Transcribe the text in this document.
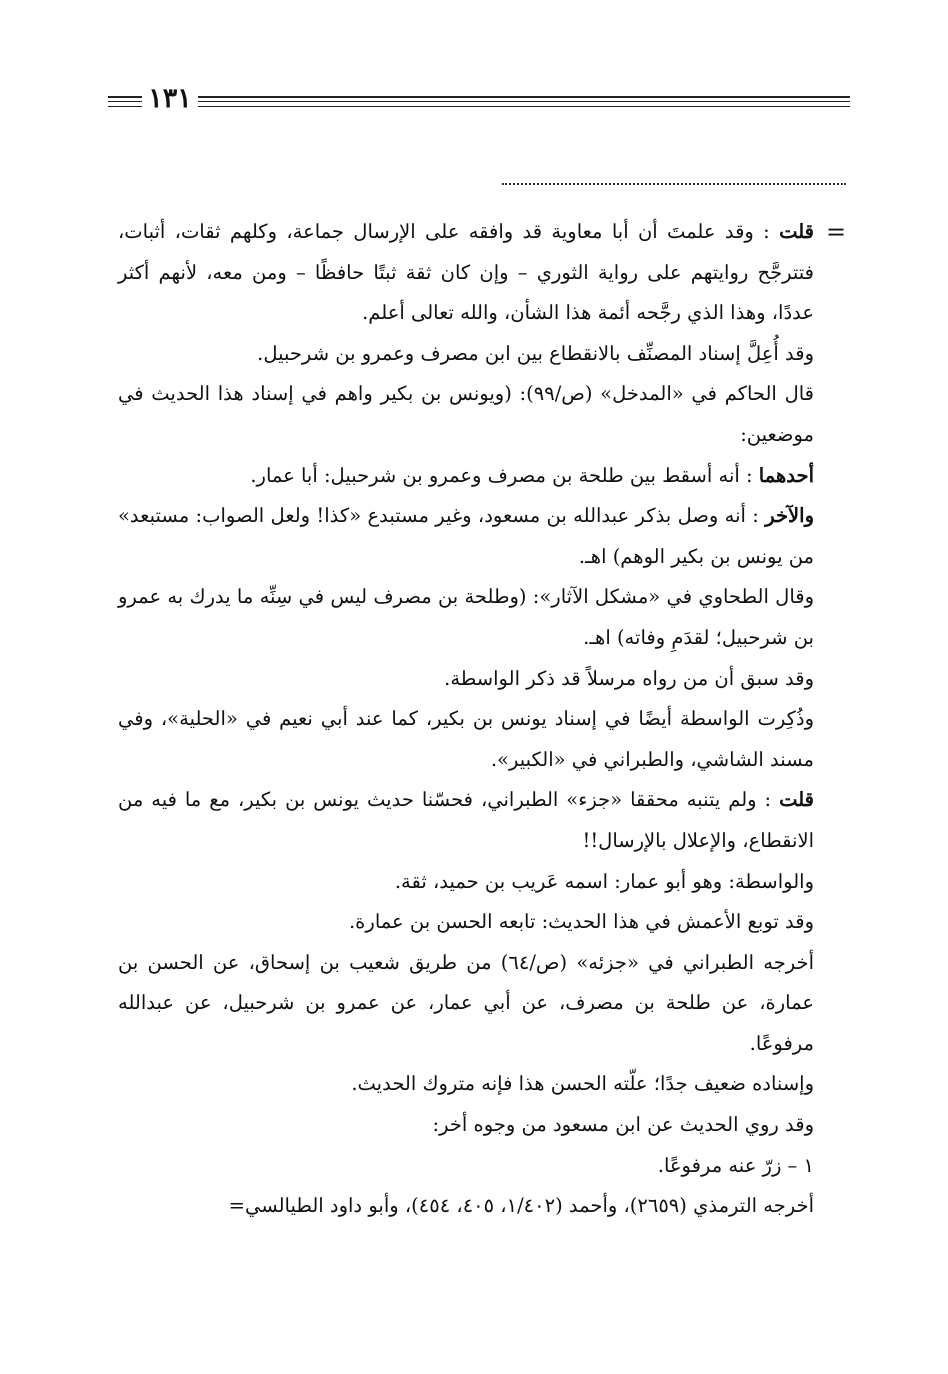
١٣١
=

قلت : وقد علمتَ أن أبا معاوية قد وافقه على الإرسال جماعة، وكلهم ثقات، أثبات، فتترجَّح روايتهم على رواية الثوري – وإن كان ثقة ثبتًا حافظًا – ومن معه، لأنهم أكثر عددًا، وهذا الذي رجَّحه أئمة هذا الشأن، والله تعالى أعلم.

وقد أُعِلَّ إسناد المصنِّف بالانقطاع بين ابن مصرف وعمرو بن شرحبيل.

قال الحاكم في «المدخل» (ص/٩٩): (ويونس بن بكير واهم في إسناد هذا الحديث في موضعين:

أحدهما : أنه أسقط بين طلحة بن مصرف وعمرو بن شرحبيل: أبا عمار.

والآخر : أنه وصل بذكر عبدالله بن مسعود، وغير مستبدع «كذا! ولعل الصواب: مستبعد» من يونس بن بكير الوهم) اهـ.

وقال الطحاوي في «مشكل الآثار»: (وطلحة بن مصرف ليس في سِنِّه ما يدرك به عمرو بن شرحبيل؛ لقدَمِ وفاته) اهـ.

وقد سبق أن من رواه مرسلاً قد ذكر الواسطة.

وذُكِرت الواسطة أيضًا في إسناد يونس بن بكير، كما عند أبي نعيم في «الحلية»، وفي مسند الشاشي، والطبراني في «الكبير».

قلت : ولم يتنبه محققا «جزء» الطبراني، فحسّنا حديث يونس بن بكير، مع ما فيه من الانقطاع، والإعلال بالإرسال!!

والواسطة: وهو أبو عمار: اسمه عَريب بن حميد، ثقة.

وقد توبع الأعمش في هذا الحديث: تابعه الحسن بن عمارة.

أخرجه الطبراني في «جزئه» (ص/٦٤) من طريق شعيب بن إسحاق، عن الحسن بن عمارة، عن طلحة بن مصرف، عن أبي عمار، عن عمرو بن شرحبيل، عن عبدالله مرفوعًا.

وإسناده ضعيف جدًا؛ علّته الحسن هذا فإنه متروك الحديث.

وقد روي الحديث عن ابن مسعود من وجوه أخر:

١ – زرّ عنه مرفوعًا.

أخرجه الترمذي (٢٦٥٩)، وأحمد (١/٤٠٢، ٤٠٥، ٤٥٤)، وأبو داود الطيالسي=
